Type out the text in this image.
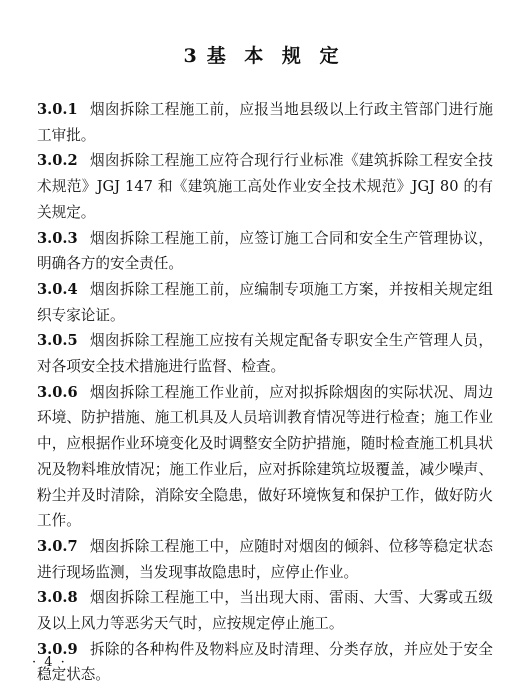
3 基 本 规 定
3.0.1 烟囱拆除工程施工前，应报当地县级以上行政主管部门进行施工审批。
3.0.2 烟囱拆除工程施工应符合现行行业标准《建筑拆除工程安全技术规范》JGJ 147 和《建筑施工高处作业安全技术规范》JGJ 80 的有关规定。
3.0.3 烟囱拆除工程施工前，应签订施工合同和安全生产管理协议，明确各方的安全责任。
3.0.4 烟囱拆除工程施工前，应编制专项施工方案，并按相关规定组织专家论证。
3.0.5 烟囱拆除工程施工应按有关规定配备专职安全生产管理人员，对各项安全技术措施进行监督、检查。
3.0.6 烟囱拆除工程施工作业前，应对拟拆除烟囱的实际状况、周边环境、防护措施、施工机具及人员培训教育情况等进行检查；施工作业中，应根据作业环境变化及时调整安全防护措施，随时检查施工机具状况及物料堆放情况；施工作业后，应对拆除建筑垃圾覆盖，减少噪声、粉尘并及时清除，消除安全隐患，做好环境恢复和保护工作，做好防火工作。
3.0.7 烟囱拆除工程施工中，应随时对烟囱的倾斜、位移等稳定状态进行现场监测，当发现事故隐患时，应停止作业。
3.0.8 烟囱拆除工程施工中，当出现大雨、雷雨、大雪、大雾或五级及以上风力等恶劣天气时，应按规定停止施工。
3.0.9 拆除的各种构件及物料应及时清理、分类存放，并应处于安全稳定状态。
· 4 ·
